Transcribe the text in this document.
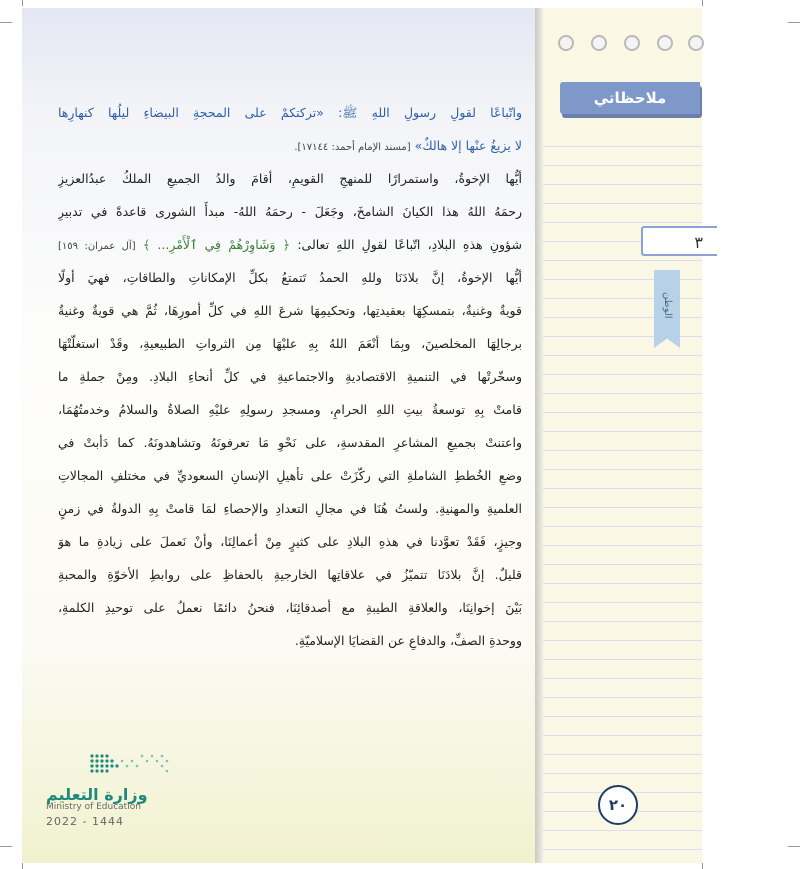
ملاحظاتي
٣
الوطن
واتّباعًا لقولِ رسولِ اللهِ ﷺ: «تركتكمْ على المحجةِ البيضاءِ ليلُها كنهارِها
لا يزيغُ عنْها إلا هالكٌ» [مسند الإمام أحمد: ١٧١٤٤].
أيُّها الإخوةُ، واستمرارًا للمنهجِ القويمِ، أقامَ والدُ الجميعِ الملكُ عبدُالعزيزِ
رحمَهُ اللهُ هذا الكيانَ الشامخَ، وجَعَلَ - رحمَهُ اللهُ- مبدأَ الشورى قاعدةً في تدبيرِ
شؤونِ هذهِ البلادِ، اتّباعًا لقولِ اللهِ تعالى: ﴿ وَشَاوِرْهُمْ فِي ٱلْأَمْرِ... ﴾ [آل عمران: ١٥٩]
أيُّها الإخوةُ، إنَّ بلادَنَا وللهِ الحمدُ تَتمتعُ بكلِّ الإمكاناتِ والطاقاتِ، فهيَ أولًا
قويةٌ وغنيةٌ، بتمسكِهَا بعقيدتِها، وتحكيمِهَا شرعَ اللهِ في كلِّ أمورِهَا، ثُمَّ هي قويةٌ وغنيةٌ
برجالِهَا المخلصينَ، وبِمَا أنْعَمَ اللهُ بِهِ عليْهَا مِن الثرواتِ الطبيعيةِ، وقَدْ استغلّتْهَا
وسخّرتْها في التنميةِ الاقتصاديةِ والاجتماعيةِ في كلِّ أنحاءِ البلادِ. ومِنْ جملةِ ما
قامتْ بِهِ توسعةُ بيتِ اللهِ الحرامِ، ومسجدِ رسولِهِ عليْهِ الصلاةُ والسلامُ وخدمتُهُمَا،
واعتنتْ بجميعِ المشاعرِ المقدسةِ، على نَحْوِ مَا تعرفونَهُ وتشاهدونَهُ. كما دَأبتْ في
وضعِ الخُططِ الشاملةِ التي ركّزَتْ على تأهيلِ الإنسانِ السعوديِّ في مختلفِ المجالاتِ
العلميةِ والمهنيةِ. ولستُ هُنَا في مجالِ التعدادِ والإحصاءِ لمَا قامتْ بِهِ الدولةُ في زمنٍ
وجيزٍ، فَقَدْ تعوَّدنا في هذهِ البلادِ على كثيرٍ مِنْ أعمالِنَا، وأنْ نَعملَ على زيادةِ ما هوَ
قليلٌ. إنَّ بلادَنَا تتميّزُ في علاقاتِها الخارجيةِ بالحفاظِ على روابطِ الأخوّةِ والمحبةِ
بَيْنَ إخوانِنَا، والعلاقةِ الطيبةِ مع أصدقائِنَا، فنحنُ دائمًا نعملُ على توحيدِ الكلمةِ،
ووحدةِ الصفِّ، والدفاعِ عن القضايَا الإسلاميّةِ.
وزارة التعليم
Ministry of Education
2022 - 1444
٢٠
